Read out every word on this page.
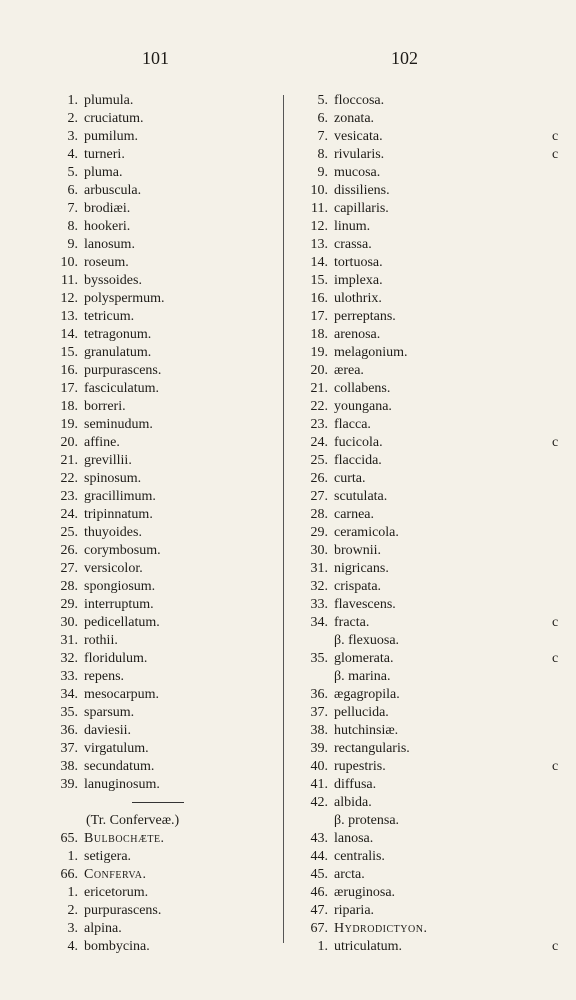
101	102
1. plumula.
2. cruciatum.
3. pumilum.
4. turneri.
5. pluma.
6. arbuscula.
7. brodiæi.
8. hookeri.
9. lanosum.
10. roseum.
11. byssoides.
12. polyspermum.
13. tetricum.
14. tetragonum.
15. granulatum.
16. purpurascens.
17. fasciculatum.
18. borreri.
19. seminudum.
20. affine.
21. grevillii.
22. spinosum.
23. gracillimum.
24. tripinnatum.
25. thuyoides.
26. corymbosum.
27. versicolor.
28. spongiosum.
29. interruptum.
30. pedicellatum.
31. rothii.
32. floridulum.
33. repens.
34. mesocarpum.
35. sparsum.
36. daviesii.
37. virgatulum.
38. secundatum.
39. lanuginosum.
(Tr. Confervеæ.)
65. Bulbochæte.
1. setigera.
66. Conferva.
1. ericetorum.
2. purpurascens.
3. alpina.
4. bombycina.
5. floccosa.
6. zonata.
7. vesicata.	c
8. rivularis.	c
9. mucosa.
10. dissiliens.
11. capillaris.
12. linum.
13. crassa.
14. tortuosa.
15. implexa.
16. ulothrix.
17. perreptans.
18. arenosa.
19. melagonium.
20. ærea.
21. collabens.
22. youngana.
23. flacca.
24. fucicola.	c
25. flaccida.
26. curta.
27. scutulata.
28. carnea.
29. ceramicola.
30. brownii.
31. nigricans.
32. crispata.
33. flavescens.
34. fracta.	c
β. flexuosa.
35. glomerata.	c
β. marina.
36. ægagropila.
37. pellucida.
38. hutchinsiæ.
39. rectangularis.
40. rupestris.	c
41. diffusa.
42. albida.
β. protensa.
43. lanosa.
44. centralis.
45. arcta.
46. æruginosa.
47. riparia.
67. Hydrodictyon.
1. utriculatum.	c
